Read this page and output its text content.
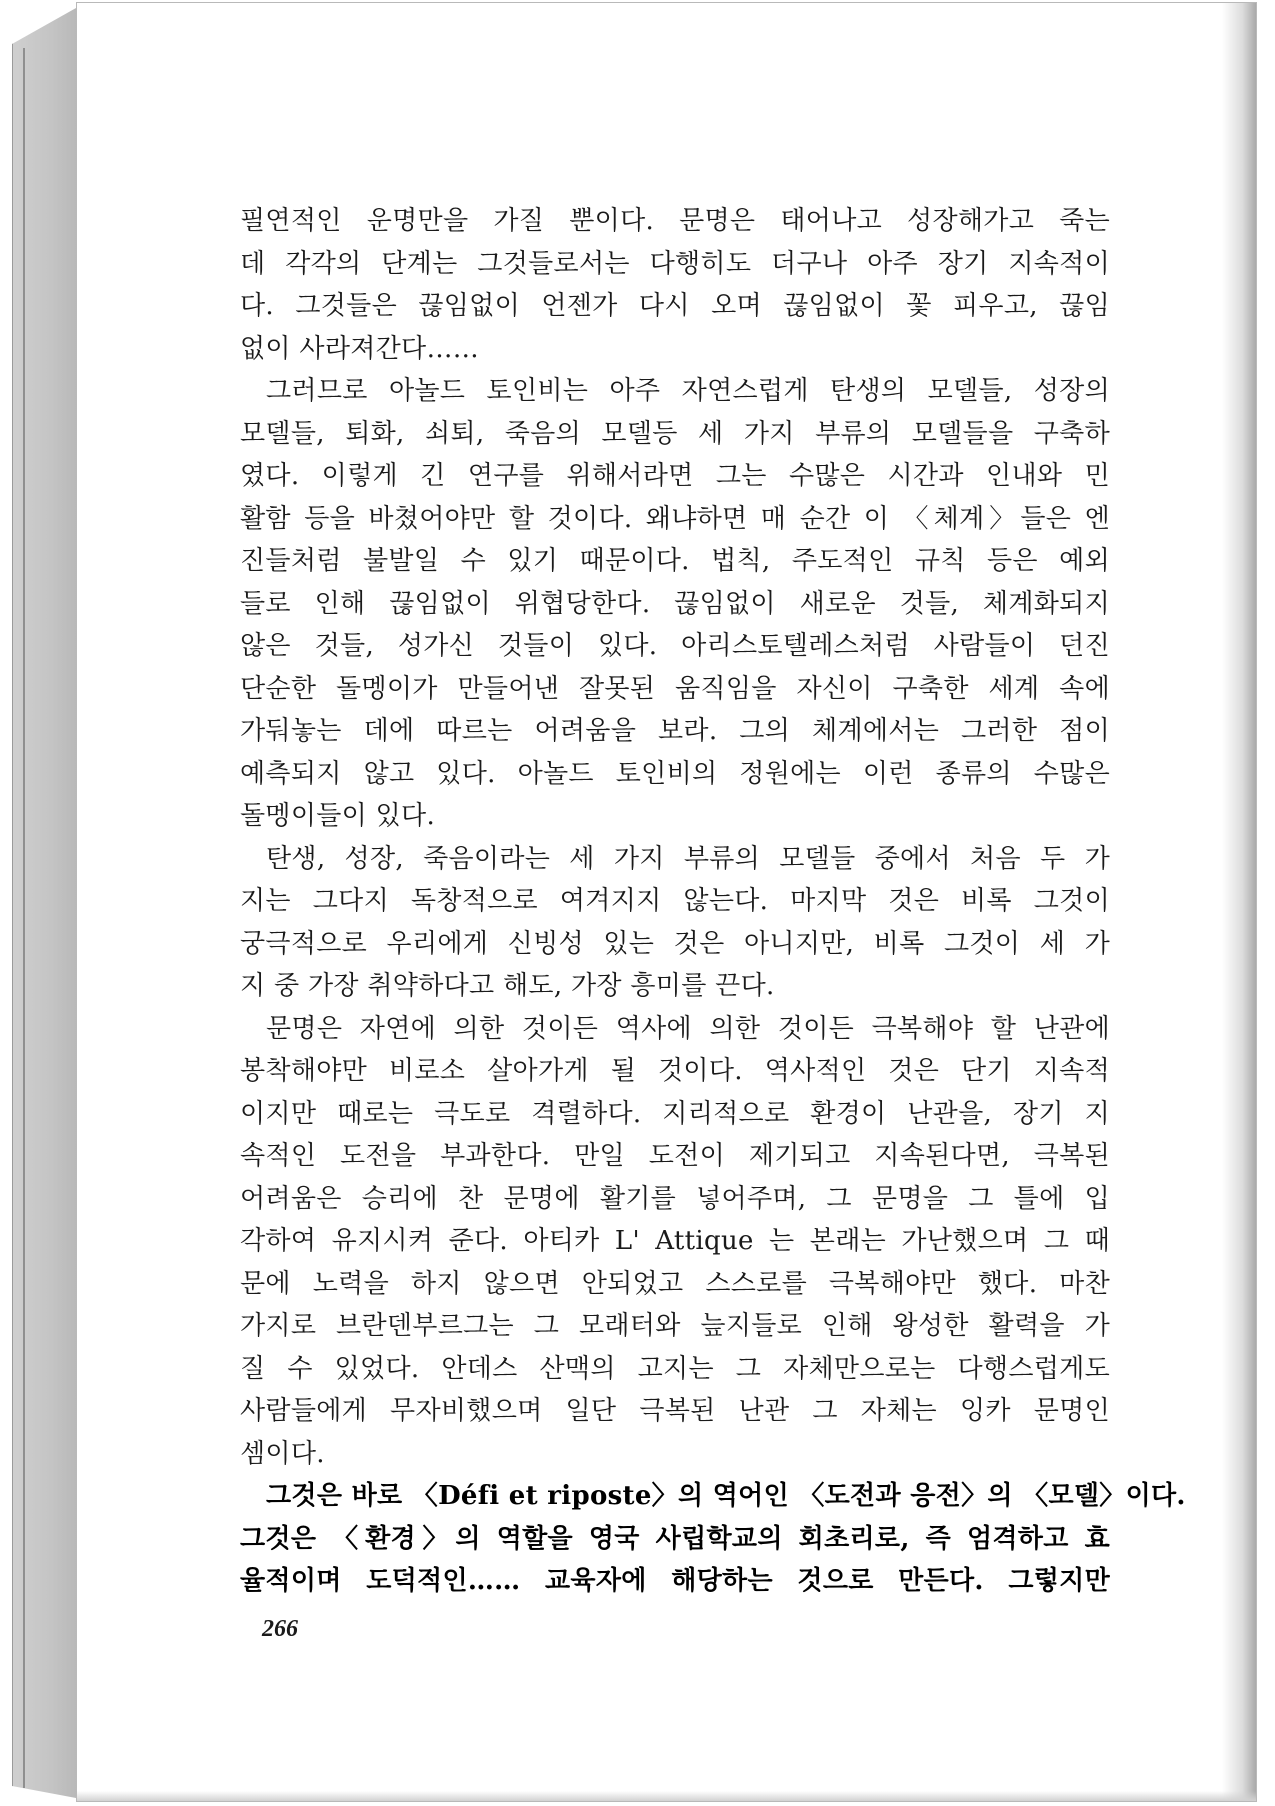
필연적인 운명만을 가질 뿐이다. 문명은 태어나고 성장해가고 죽는
데 각각의 단계는 그것들로서는 다행히도 더구나 아주 장기 지속적이
다. 그것들은 끊임없이 언젠가 다시 오며 끊임없이 꽃 피우고, 끊임
없이 사라져간다……
그러므로 아놀드 토인비는 아주 자연스럽게 탄생의 모델들, 성장의
모델들, 퇴화, 쇠퇴, 죽음의 모델등 세 가지 부류의 모델들을 구축하
였다. 이렇게 긴 연구를 위해서라면 그는 수많은 시간과 인내와 민
활함 등을 바쳤어야만 할 것이다. 왜냐하면 매 순간 이 〈체계〉들은 엔
진들처럼 불발일 수 있기 때문이다. 법칙, 주도적인 규칙 등은 예외
들로 인해 끊임없이 위협당한다. 끊임없이 새로운 것들, 체계화되지
않은 것들, 성가신 것들이 있다. 아리스토텔레스처럼 사람들이 던진
단순한 돌멩이가 만들어낸 잘못된 움직임을 자신이 구축한 세계 속에
가둬놓는 데에 따르는 어려움을 보라. 그의 체계에서는 그러한 점이
예측되지 않고 있다. 아놀드 토인비의 정원에는 이런 종류의 수많은
돌멩이들이 있다.
탄생, 성장, 죽음이라는 세 가지 부류의 모델들 중에서 처음 두 가
지는 그다지 독창적으로 여겨지지 않는다. 마지막 것은 비록 그것이
궁극적으로 우리에게 신빙성 있는 것은 아니지만, 비록 그것이 세 가
지 중 가장 취약하다고 해도, 가장 흥미를 끈다.
문명은 자연에 의한 것이든 역사에 의한 것이든 극복해야 할 난관에
봉착해야만 비로소 살아가게 될 것이다. 역사적인 것은 단기 지속적
이지만 때로는 극도로 격렬하다. 지리적으로 환경이 난관을, 장기 지
속적인 도전을 부과한다. 만일 도전이 제기되고 지속된다면, 극복된
어려움은 승리에 찬 문명에 활기를 넣어주며, 그 문명을 그 틀에 입
각하여 유지시켜 준다. 아티카 L' Attique 는 본래는 가난했으며 그 때
문에 노력을 하지 않으면 안되었고 스스로를 극복해야만 했다. 마찬
가지로 브란덴부르그는 그 모래터와 늪지들로 인해 왕성한 활력을 가
질 수 있었다. 안데스 산맥의 고지는 그 자체만으로는 다행스럽게도
사람들에게 무자비했으며 일단 극복된 난관 그 자체는 잉카 문명인
셈이다.
그것은 바로 〈Défi et riposte〉의 역어인 〈도전과 응전〉의 〈모델〉이다.
그것은 〈환경〉의 역할을 영국 사립학교의 회초리로, 즉 엄격하고 효
율적이며 도덕적인…… 교육자에 해당하는 것으로 만든다. 그렇지만
266
